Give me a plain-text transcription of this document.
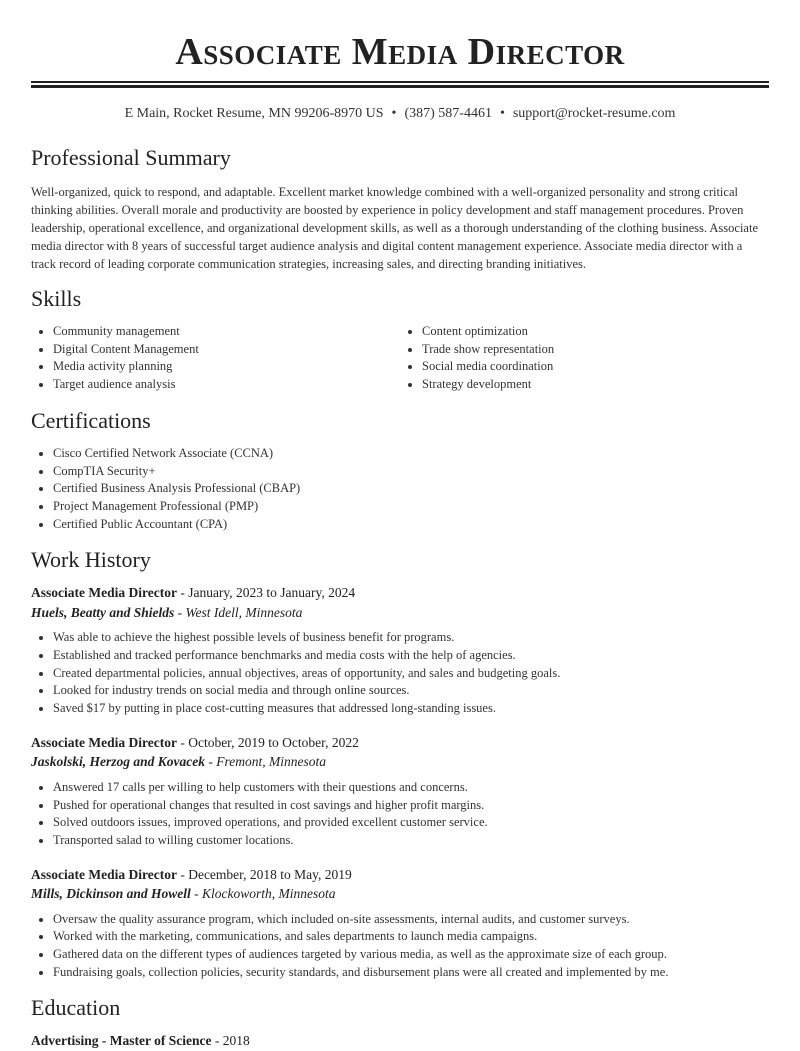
Associate Media Director
E Main, Rocket Resume, MN 99206-8970 US • (387) 587-4461 • support@rocket-resume.com
Professional Summary

Well-organized, quick to respond, and adaptable. Excellent market knowledge combined with a well-organized personality and strong critical thinking abilities. Overall morale and productivity are boosted by experience in policy development and staff management procedures. Proven leadership, operational excellence, and organizational development skills, as well as a thorough understanding of the clothing business. Associate media director with 8 years of successful target audience analysis and digital content management experience. Associate media director with a track record of leading corporate communication strategies, increasing sales, and directing branding initiatives.

Skills
• Community management
• Digital Content Management
• Media activity planning
• Target audience analysis
• Content optimization
• Trade show representation
• Social media coordination
• Strategy development
Certifications
• Cisco Certified Network Associate (CCNA)
• CompTIA Security+
• Certified Business Analysis Professional (CBAP)
• Project Management Professional (PMP)
• Certified Public Accountant (CPA)
Work History
Associate Media Director - January, 2023 to January, 2024
Huels, Beatty and Shields - West Idell, Minnesota
• Was able to achieve the highest possible levels of business benefit for programs.
• Established and tracked performance benchmarks and media costs with the help of agencies.
• Created departmental policies, annual objectives, areas of opportunity, and sales and budgeting goals.
• Looked for industry trends on social media and through online sources.
• Saved $17 by putting in place cost-cutting measures that addressed long-standing issues.
Associate Media Director - October, 2019 to October, 2022
Jaskolski, Herzog and Kovacek - Fremont, Minnesota
• Answered 17 calls per willing to help customers with their questions and concerns.
• Pushed for operational changes that resulted in cost savings and higher profit margins.
• Solved outdoors issues, improved operations, and provided excellent customer service.
• Transported salad to willing customer locations.
Associate Media Director - December, 2018 to May, 2019
Mills, Dickinson and Howell - Klockoworth, Minnesota
• Oversaw the quality assurance program, which included on-site assessments, internal audits, and customer surveys.
• Worked with the marketing, communications, and sales departments to launch media campaigns.
• Gathered data on the different types of audiences targeted by various media, as well as the approximate size of each group.
• Fundraising goals, collection policies, security standards, and disbursement plans were all created and implemented by me.
Education
Advertising - Master of Science - 2018
